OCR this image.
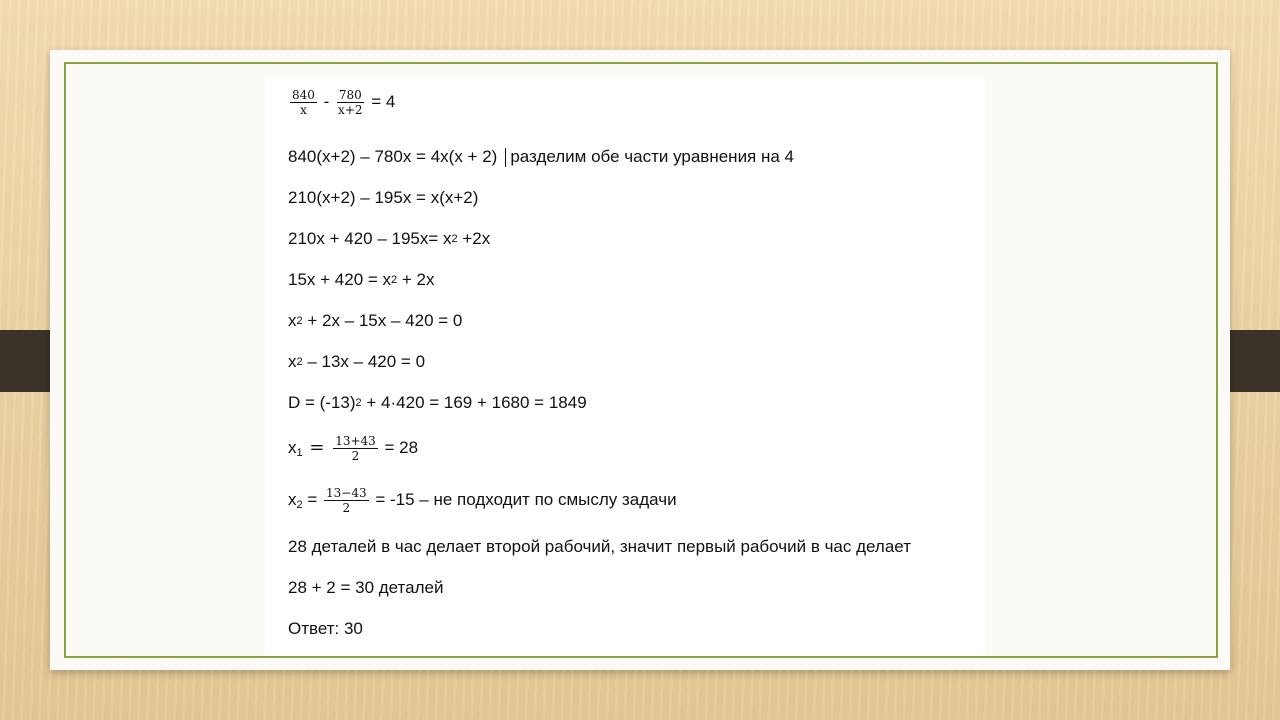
$\frac{840}{x} - \frac{780}{x+2} = 4$
840(x+2) – 780x = 4x(x + 2) разделим обе части уравнения на 4
210(x+2) – 195x = x(x+2)
$210x + 420 - 195x= x^2 +2x$
$15x + 420 = x^2 + 2x$
$x^2 + 2x - 15x - 420 = 0$
$x^2 - 13x - 420 = 0$
$D = (-13)^2 + 4\cdot 420 = 169 + 1680 = 1849$
$x_1 = \frac{13+43}{2} = 28$
$x_2 = \frac{13-43}{2} = -15$ – не подходит по смыслу задачи
28 деталей в час делает второй рабочий, значит первый рабочий в час делает
28 + 2 = 30 деталей
Ответ: 30
